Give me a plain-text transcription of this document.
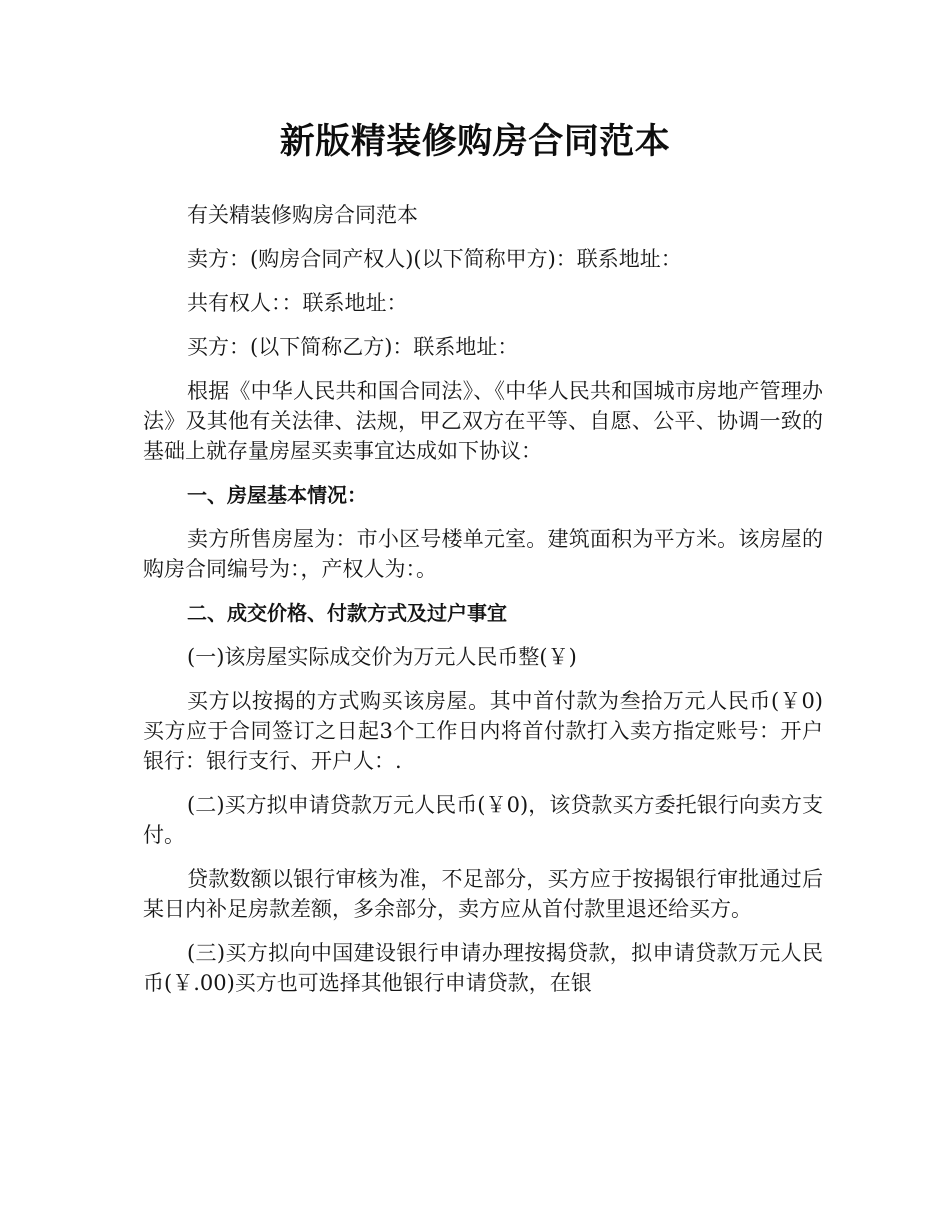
新版精装修购房合同范本

有关精装修购房合同范本

卖方：(购房合同产权人)(以下简称甲方)：联系地址：

共有权人：：联系地址：

买方：(以下简称乙方)：联系地址：

根据《中华人民共和国合同法》、《中华人民共和国城市房地产管理办法》及其他有关法律、法规，甲乙双方在平等、自愿、公平、协调一致的基础上就存量房屋买卖事宜达成如下协议：

一、房屋基本情况：

卖方所售房屋为：市小区号楼单元室。建筑面积为平方米。该房屋的购房合同编号为：，产权人为：。

二、成交价格、付款方式及过户事宜

(一)该房屋实际成交价为万元人民币整(￥)

买方以按揭的方式购买该房屋。其中首付款为叁拾万元人民币(￥0)买方应于合同签订之日起3个工作日内将首付款打入卖方指定账号：开户银行：银行支行、开户人：.

(二)买方拟申请贷款万元人民币(￥0)，该贷款买方委托银行向卖方支付。

贷款数额以银行审核为准，不足部分，买方应于按揭银行审批通过后某日内补足房款差额，多余部分，卖方应从首付款里退还给买方。

(三)买方拟向中国建设银行申请办理按揭贷款，拟申请贷款万元人民币(￥.00)买方也可选择其他银行申请贷款，在银
